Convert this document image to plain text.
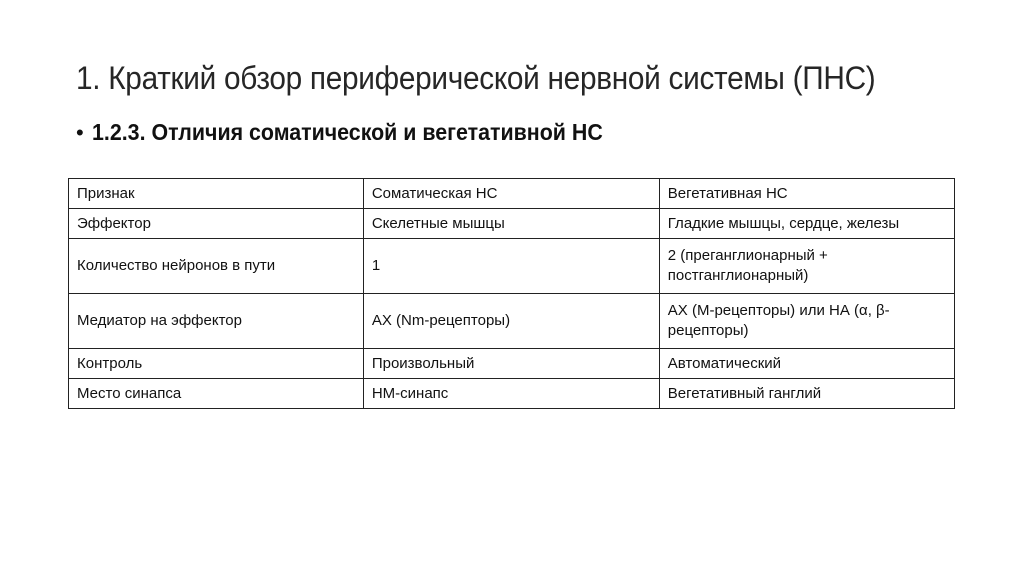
1. Краткий обзор периферической нервной системы (ПНС)
• 1.2.3. Отличия соматической и вегетативной НС
Признак	Соматическая НС	Вегетативная НС
Эффектор	Скелетные мышцы	Гладкие мышцы, сердце, железы
Количество нейронов в пути	1	2 (преганглионарный + постганглионарный)
Медиатор на эффектор	АХ (Nm-рецепторы)	АХ (М-рецепторы) или НА (α, β-рецепторы)
Контроль	Произвольный	Автоматический
Место синапса	НМ-синапс	Вегетативный ганглий
